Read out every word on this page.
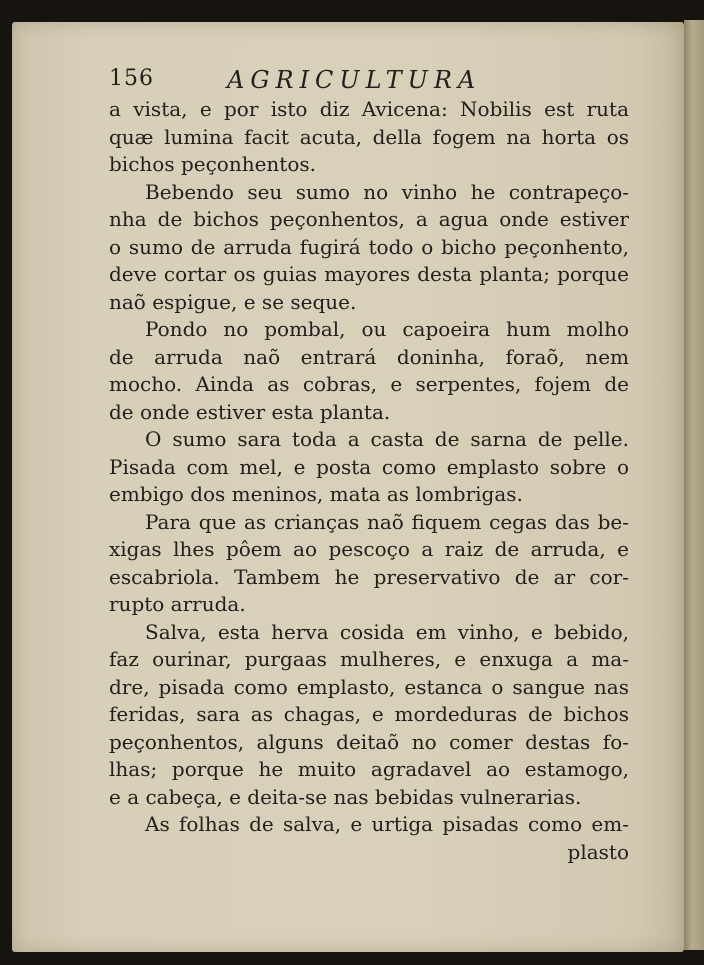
156	AGRICULTURA
a vista, e por isto diz Avicena: Nobilis est ruta
quæ lumina facit acuta, della fogem na horta os
bichos peçonhentos.
Bebendo seu sumo no vinho he contrapeço-
nha de bichos peçonhentos, a agua onde estiver
o sumo de arruda fugirá todo o bicho peçonhento,
deve cortar os guias mayores desta planta; porque
naõ espigue, e se seque.
Pondo no pombal, ou capoeira hum molho
de arruda naõ entrará doninha, foraõ, nem
mocho. Ainda as cobras, e serpentes, fojem de
de onde estiver esta planta.
O sumo sara toda a casta de sarna de pelle.
Pisada com mel, e posta como emplasto sobre o
embigo dos meninos, mata as lombrigas.
Para que as crianças naõ fiquem cegas das be-
xigas lhes pôem ao pescoço a raiz de arruda, e
escabriola. Tambem he preservativo de ar cor-
rupto arruda.
Salva, esta herva cosida em vinho, e bebido,
faz ourinar, purgaas mulheres, e enxuga a ma-
dre, pisada como emplasto, estanca o sangue nas
feridas, sara as chagas, e mordeduras de bichos
peçonhentos, alguns deitaõ no comer destas fo-
lhas; porque he muito agradavel ao estamogo,
e a cabeça, e deita-se nas bebidas vulnerarias.
As folhas de salva, e urtiga pisadas como em-
plasto
